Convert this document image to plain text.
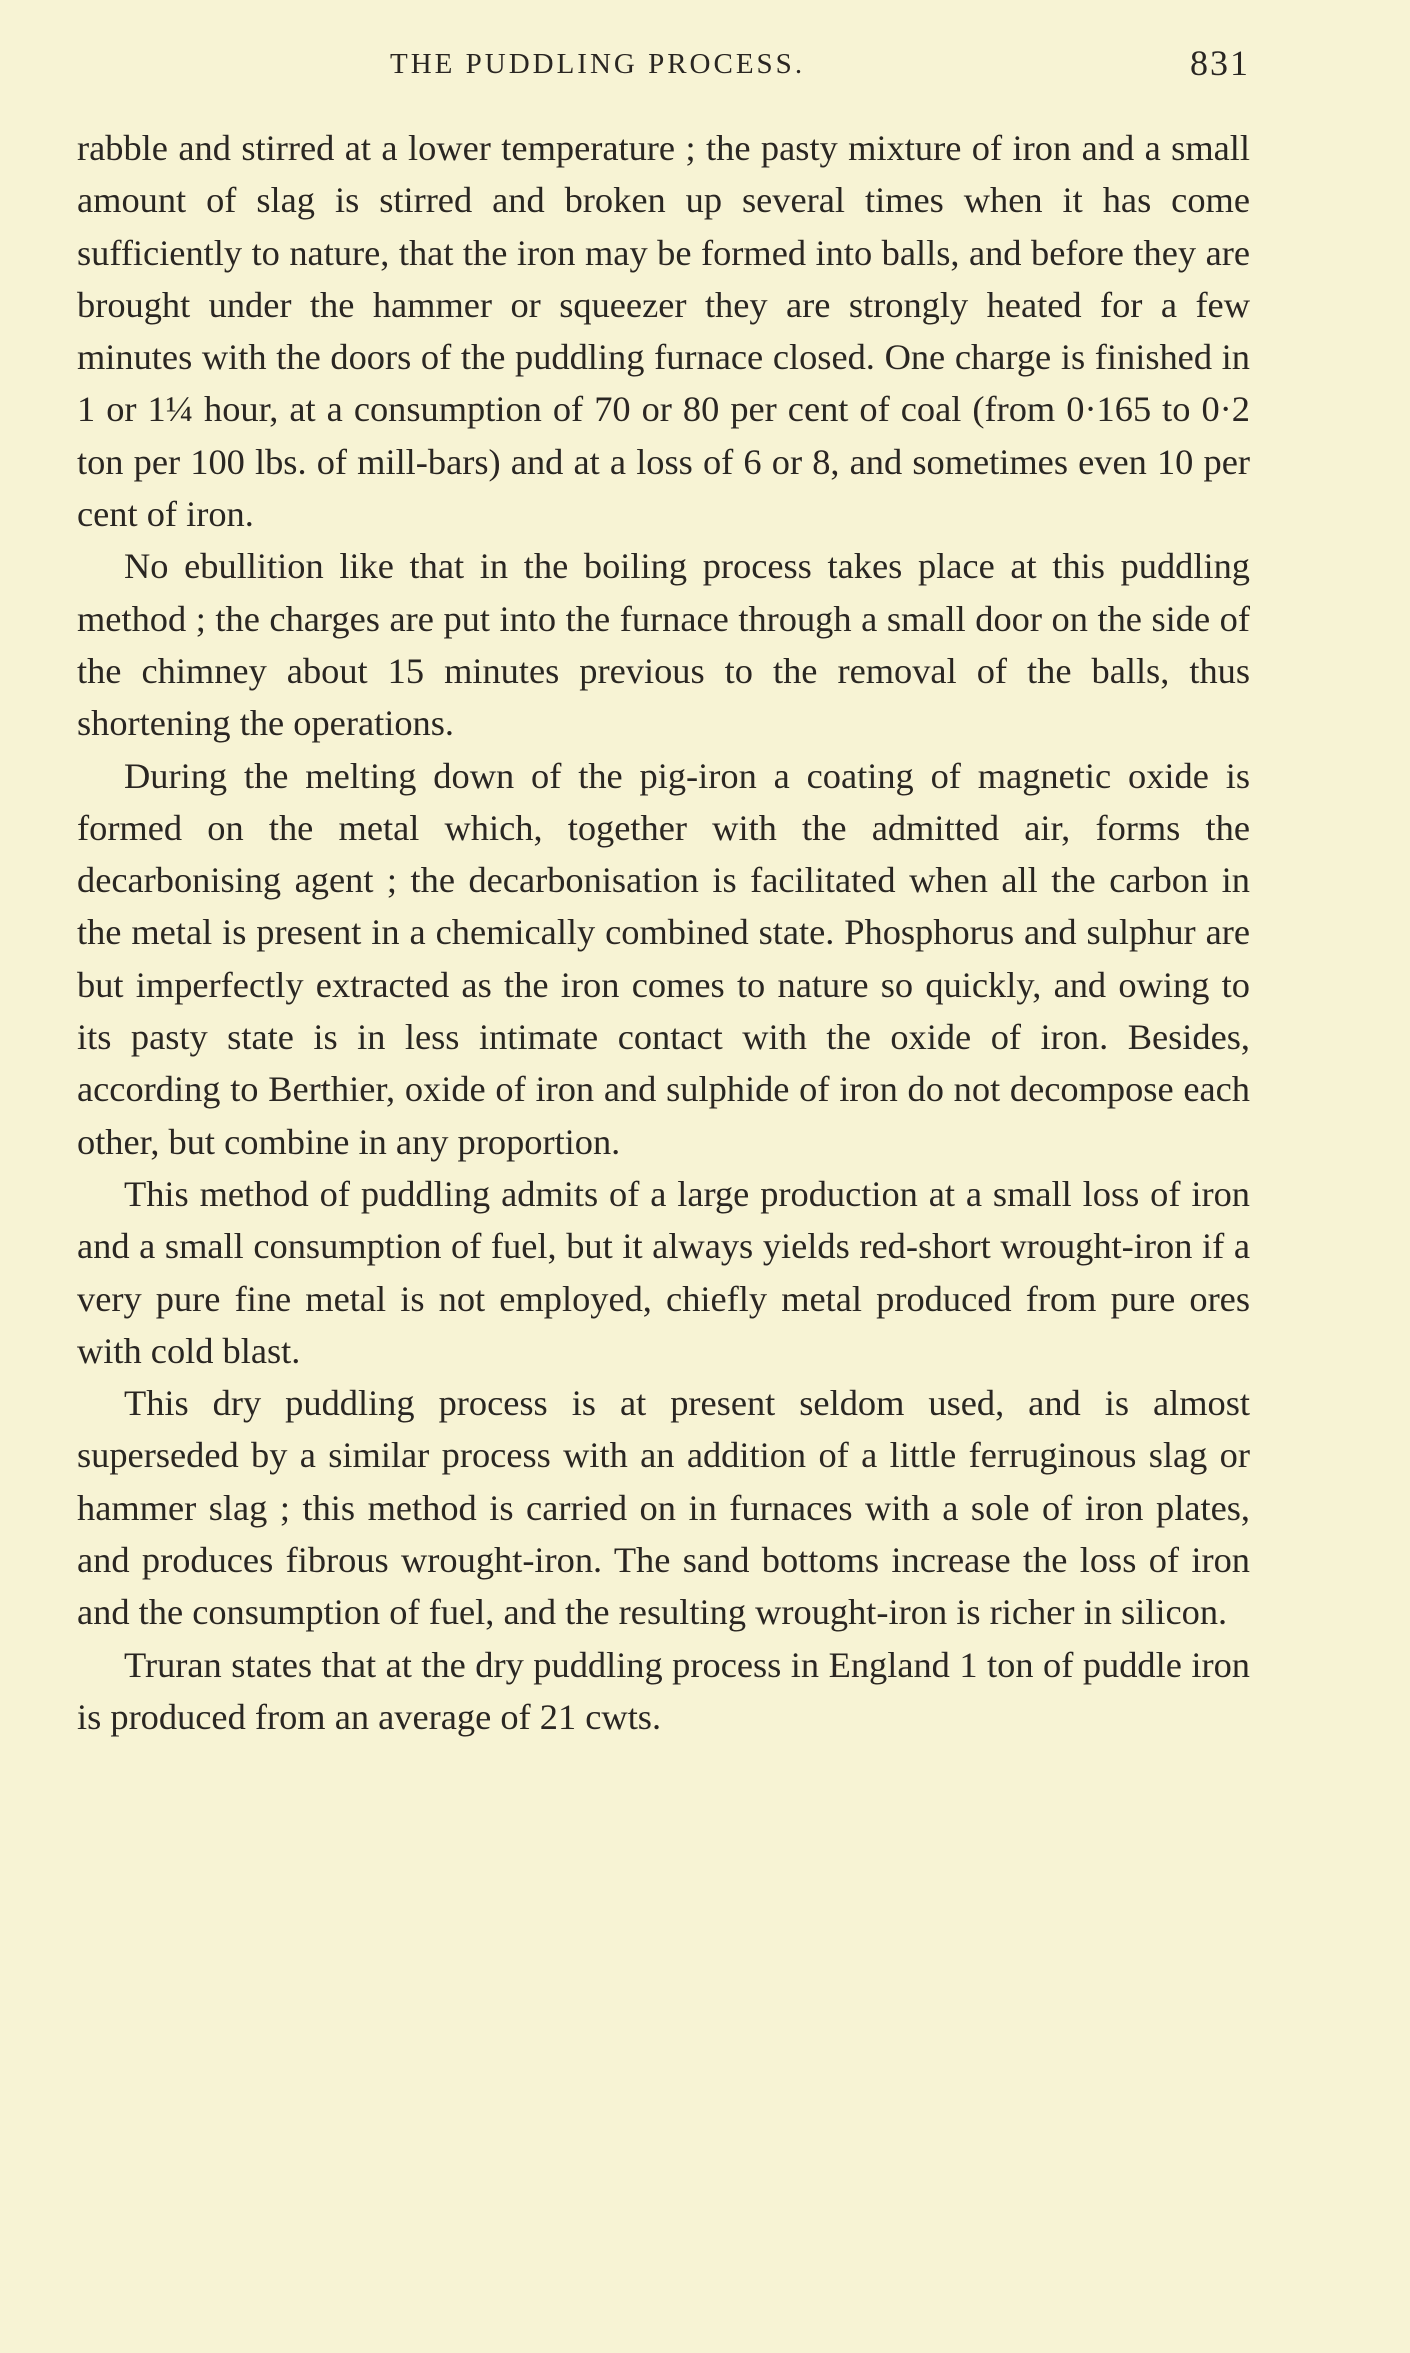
THE PUDDLING PROCESS.	831

rabble and stirred at a lower temperature ; the pasty mixture of iron and a small amount of slag is stirred and broken up several times when it has come sufficiently to nature, that the iron may be formed into balls, and before they are brought under the hammer or squeezer they are strongly heated for a few minutes with the doors of the puddling furnace closed. One charge is finished in 1 or 1¼ hour, at a consumption of 70 or 80 per cent of coal (from 0·165 to 0·2 ton per 100 lbs. of mill-bars) and at a loss of 6 or 8, and sometimes even 10 per cent of iron.

No ebullition like that in the boiling process takes place at this puddling method ; the charges are put into the furnace through a small door on the side of the chimney about 15 minutes previous to the removal of the balls, thus shortening the operations.

During the melting down of the pig-iron a coating of magnetic oxide is formed on the metal which, together with the admitted air, forms the decarbonising agent ; the decarbonisation is facilitated when all the carbon in the metal is present in a chemically combined state. Phosphorus and sulphur are but imperfectly extracted as the iron comes to nature so quickly, and owing to its pasty state is in less intimate contact with the oxide of iron. Besides, according to Berthier, oxide of iron and sulphide of iron do not decompose each other, but combine in any proportion.

This method of puddling admits of a large production at a small loss of iron and a small consumption of fuel, but it always yields red-short wrought-iron if a very pure fine metal is not employed, chiefly metal produced from pure ores with cold blast.

This dry puddling process is at present seldom used, and is almost superseded by a similar process with an addition of a little ferruginous slag or hammer slag ; this method is carried on in furnaces with a sole of iron plates, and produces fibrous wrought-iron. The sand bottoms increase the loss of iron and the consumption of fuel, and the resulting wrought-iron is richer in silicon.

Truran states that at the dry puddling process in England 1 ton of puddle iron is produced from an average of 21 cwts.
